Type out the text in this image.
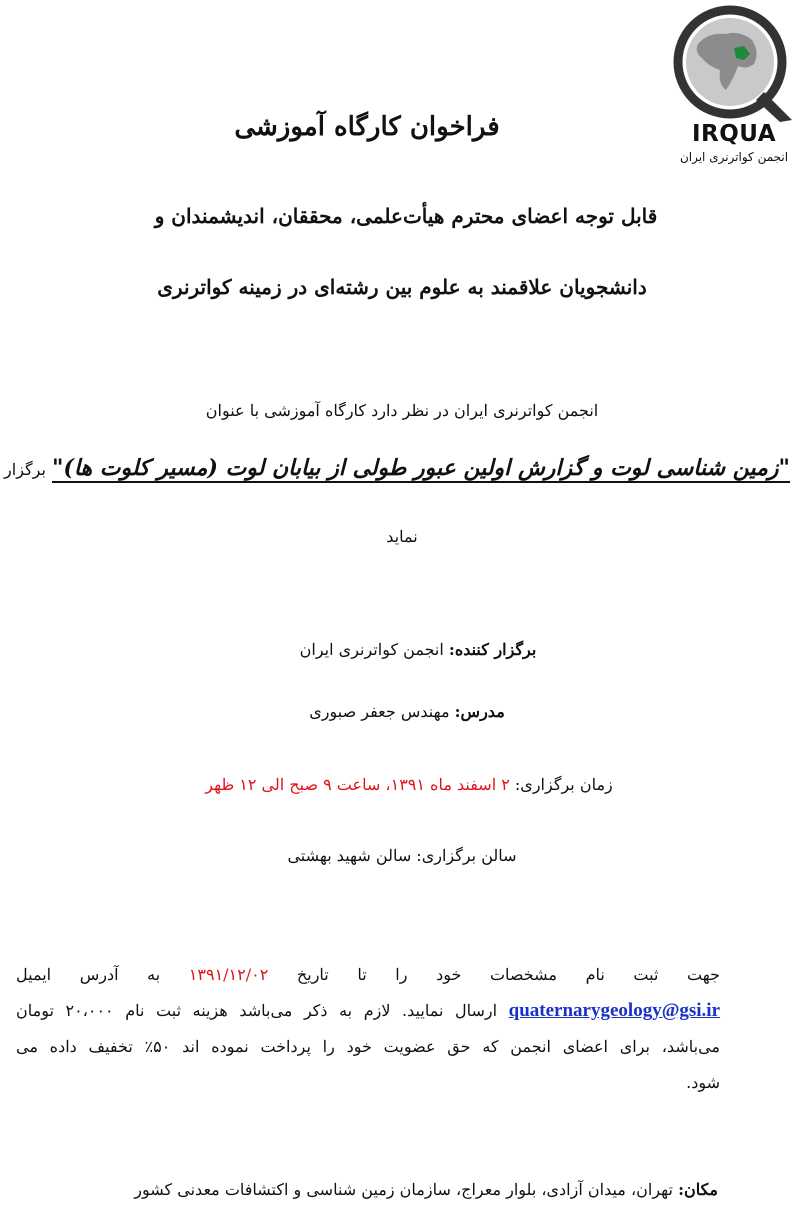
IRQUA
انجمن کواترنری ایران
فراخوان کارگاه آموزشی

قابل توجه اعضای محترم هیأت‌علمی، محققان، اندیشمندان و

دانشجویان علاقمند به علوم بین رشته‌ای در زمینه کواترنری

انجمن کواترنری ایران در نظر دارد کارگاه آموزشی با عنوان
"زمین شناسی لوت و گزارش اولین عبور طولی از بیابان لوت (مسیر کلوت ها)"برگزار
نماید
برگزار کننده: انجمن کواترنری ایران
مدرس: مهندس جعفر صبوری
زمان برگزاری: ۲ اسفند ماه ۱۳۹۱، ساعت ۹ صبح الی ۱۲ ظهر
سالن برگزاری: سالن شهید بهشتی
جهت ثبت نام مشخصات خود را تا تاریخ ۱۳۹۱/۱۲/۰۲ به آدرس ایمیل
quaternarygeology@gsi.ir ارسال نمایید. لازم به ذکر می‌باشد هزینه ثبت نام ۲۰،۰۰۰ تومان
می‌باشد، برای اعضای انجمن که حق عضویت خود را پرداخت نموده اند ۵۰٪ تخفیف داده می
شود.
مکان: تهران، میدان آزادی، بلوار معراج، سازمان زمین شناسی و اکتشافات معدنی کشور
